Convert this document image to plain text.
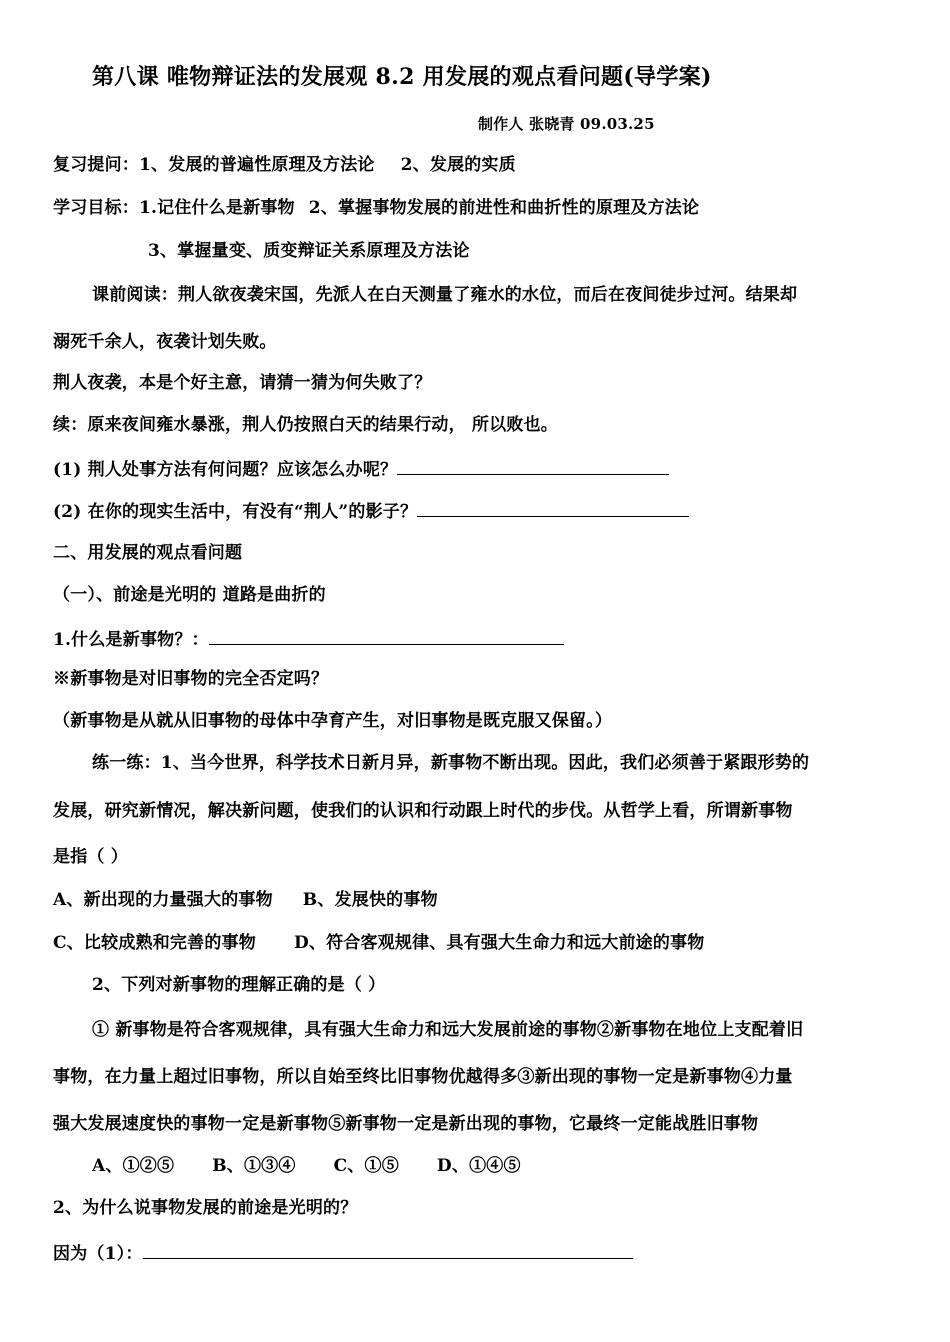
第八课 唯物辩证法的发展观 8.2 用发展的观点看问题(导学案)
制作人 张晓青 09.03.25
复习提问：1、发展的普遍性原理及方法论 2、发展的实质
学习目标：1.记住什么是新事物 2、掌握事物发展的前进性和曲折性的原理及方法论
3、掌握量变、质变辩证关系原理及方法论
课前阅读：荆人欲夜袭宋国，先派人在白天测量了雍水的水位，而后在夜间徒步过河。结果却
溺死千余人，夜袭计划失败。
荆人夜袭，本是个好主意，请猜一猜为何失败了？
续：原来夜间雍水暴涨，荆人仍按照白天的结果行动， 所以败也。
(1) 荆人处事方法有何问题？应该怎么办呢？
(2) 在你的现实生活中，有没有“荆人”的影子？
二、用发展的观点看问题
（一）、前途是光明的 道路是曲折的
1.什么是新事物？：
※新事物是对旧事物的完全否定吗？
（新事物是从就从旧事物的母体中孕育产生，对旧事物是既克服又保留。）
练一练：1、当今世界，科学技术日新月异，新事物不断出现。因此，我们必须善于紧跟形势的
发展，研究新情况，解决新问题，使我们的认识和行动跟上时代的步伐。从哲学上看，所谓新事物
是指（ ）
A、新出现的力量强大的事物 B、发展快的事物
C、比较成熟和完善的事物 D、符合客观规律、具有强大生命力和远大前途的事物
2、下列对新事物的理解正确的是（ ）
① 新事物是符合客观规律，具有强大生命力和远大发展前途的事物②新事物在地位上支配着旧
事物，在力量上超过旧事物，所以自始至终比旧事物优越得多③新出现的事物一定是新事物④力量
强大发展速度快的事物一定是新事物⑤新事物一定是新出现的事物，它最终一定能战胜旧事物
A、①②⑤ B、①③④ C、①⑤ D、①④⑤
2、为什么说事物发展的前途是光明的？
因为（1）：
